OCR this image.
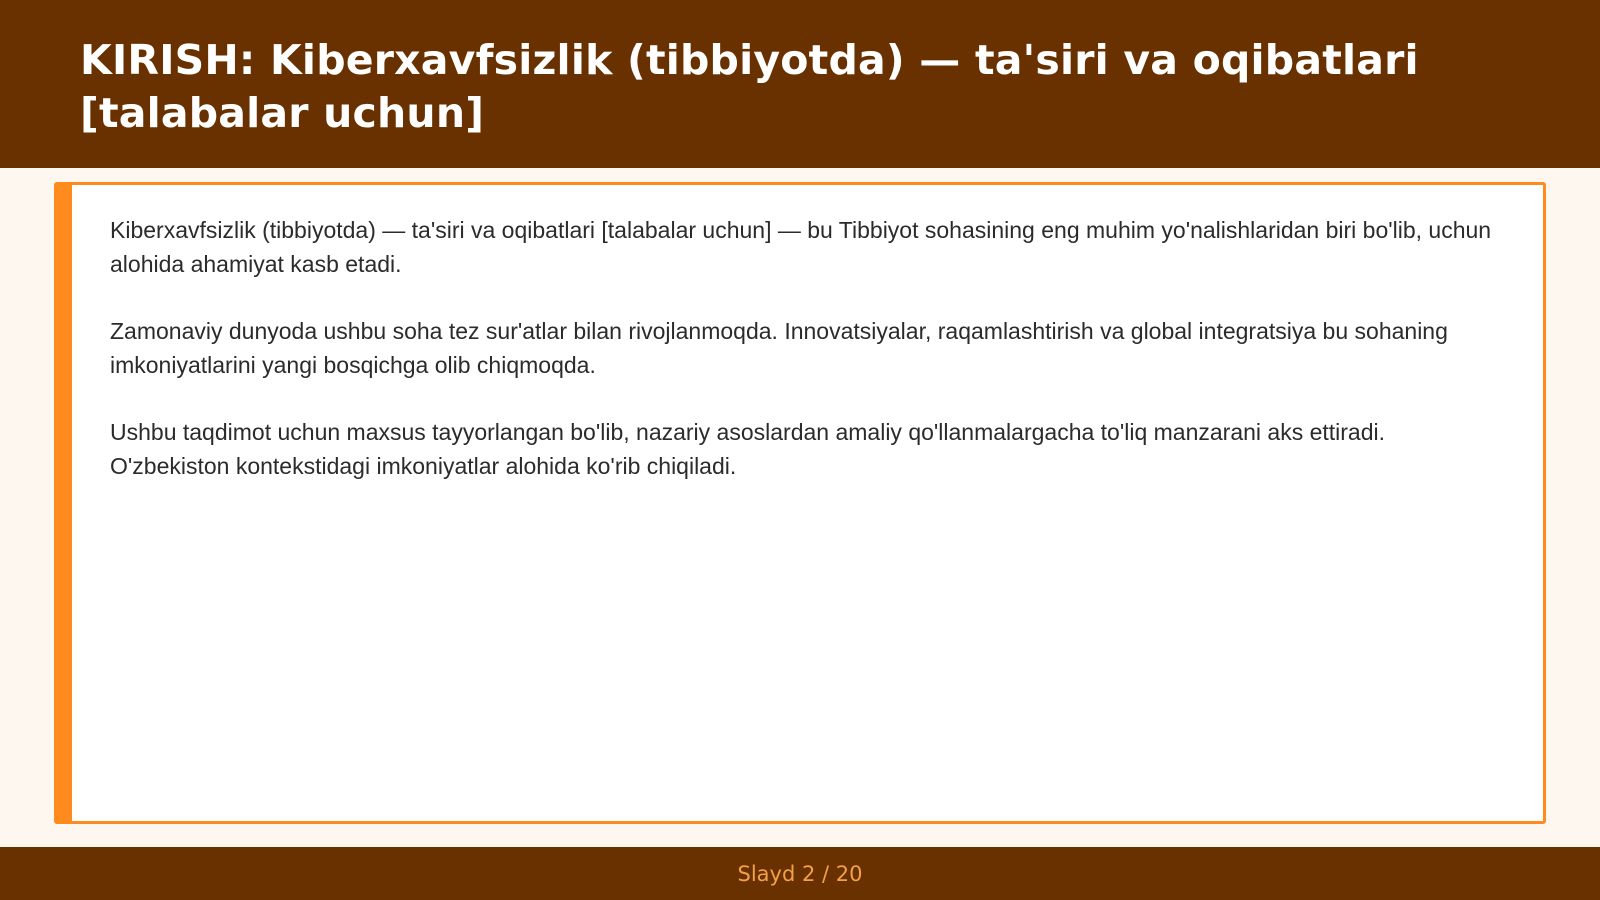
KIRISH: Kiberxavfsizlik (tibbiyotda) — ta'siri va oqibatlari [talabalar uchun]

Kiberxavfsizlik (tibbiyotda) — ta'siri va oqibatlari [talabalar uchun] — bu Tibbiyot sohasining eng muhim yo'nalishlaridan biri bo'lib, uchun alohida ahamiyat kasb etadi.

Zamonaviy dunyoda ushbu soha tez sur'atlar bilan rivojlanmoqda. Innovatsiyalar, raqamlashtirish va global integratsiya bu sohaning imkoniyatlarini yangi bosqichga olib chiqmoqda.

Ushbu taqdimot uchun maxsus tayyorlangan bo'lib, nazariy asoslardan amaliy qo'llanmalargacha to'liq manzarani aks ettiradi. O'zbekiston kontekstidagi imkoniyatlar alohida ko'rib chiqiladi.

Slayd 2 / 20
